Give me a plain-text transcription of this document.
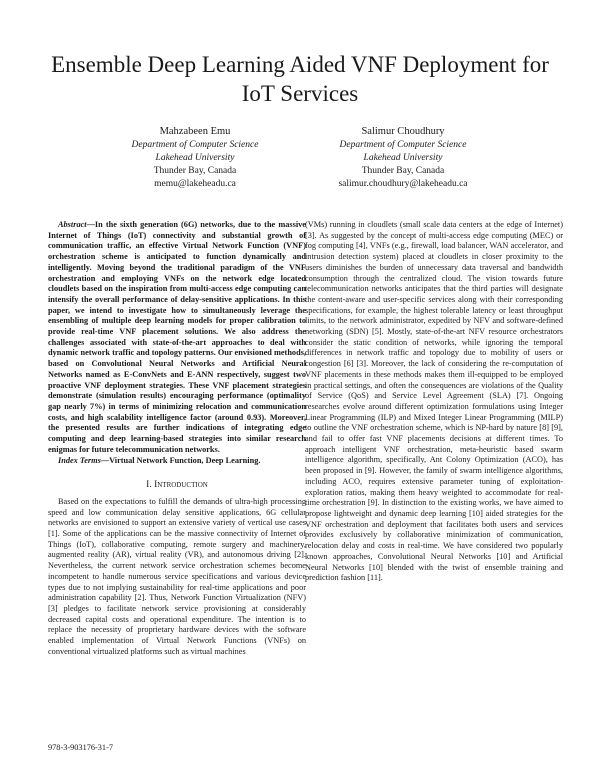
Ensemble Deep Learning Aided VNF Deployment for IoT Services
Mahzabeen Emu
Department of Computer Science
Lakehead University
Thunder Bay, Canada
memu@lakeheadu.ca
Salimur Choudhury
Department of Computer Science
Lakehead University
Thunder Bay, Canada
salimur.choudhury@lakeheadu.ca

Abstract—In the sixth generation (6G) networks, due to the massive Internet of Things (IoT) connectivity and substantial growth of communication traffic, an effective Virtual Network Function (VNF) orchestration scheme is anticipated to function dynamically and intelligently. Moving beyond the traditional paradigm of the VNF orchestration and employing VNFs on the network edge located cloudlets based on the inspiration from multi-access edge computing can intensify the overall performance of delay-sensitive applications. In this paper, we intend to investigate how to simultaneously leverage the ensembling of multiple deep learning models for proper calibration to provide real-time VNF placement solutions. We also address the challenges associated with state-of-the-art approaches to deal with dynamic network traffic and topology patterns. Our envisioned methods, based on Convolutional Neural Networks and Artificial Neural Networks named as E-ConvNets and E-ANN respectively, suggest two proactive VNF deployment strategies. These VNF placement strategies demonstrate (simulation results) encouraging performance (optimality gap nearly 7%) in terms of minimizing relocation and communication costs, and high scalability intelligence factor (around 0.93). Moreover, the presented results are further indications of integrating edge computing and deep learning-based strategies into similar research enigmas for future telecommunication networks.

Index Terms—Virtual Network Function, Deep Learning.

I. Introduction

Based on the expectations to fulfill the demands of ultra-high processing speed and low communication delay sensitive applications, 6G cellular networks are envisioned to support an extensive variety of vertical use cases [1]. Some of the applications can be the massive connectivity of Internet of Things (IoT), collaborative computing, remote surgery and machinery, augmented reality (AR), virtual reality (VR), and autonomous driving [2]. Nevertheless, the current network service orchestration schemes become incompetent to handle numerous service specifications and various device types due to not implying sustainability for real-time applications and poor administration capability [2]. Thus, Network Function Virtualization (NFV) [3] pledges to facilitate network service provisioning at considerably decreased capital costs and operational expenditure. The intention is to replace the necessity of proprietary hardware devices with the software enabled implementation of Virtual Network Functions (VNFs) on conventional virtualized platforms such as virtual machines

(VMs) running in cloudlets (small scale data centers at the edge of Internet) [3]. As suggested by the concept of multi-access edge computing (MEC) or fog computing [4], VNFs (e.g., firewall, load balancer, WAN accelerator, and intrusion detection system) placed at cloudlets in closer proximity to the users diminishes the burden of unnecessary data traversal and bandwidth consumption through the centralized cloud. The vision towards future telecommunication networks anticipates that the third parties will designate the content-aware and user-specific services along with their corresponding specifications, for example, the highest tolerable latency or least throughput limits, to the network administrator, expedited by NFV and software-defined networking (SDN) [5]. Mostly, state-of-the-art NFV resource orchestrators consider the static condition of networks, while ignoring the temporal differences in network traffic and topology due to mobility of users or congestion [6] [3]. Moreover, the lack of considering the re-computation of VNF placements in these methods makes them ill-equipped to be employed in practical settings, and often the consequences are violations of the Quality of Service (QoS) and Service Level Agreement (SLA) [7]. Ongoing researches evolve around different optimization formulations using Integer Linear Programming (ILP) and Mixed Integer Linear Programming (MILP) to outline the VNF orchestration scheme, which is NP-hard by nature [8] [9], and fail to offer fast VNF placements decisions at different times. To approach intelligent VNF orchestration, meta-heuristic based swarm intelligence algorithm, specifically, Ant Colony Optimization (ACO), has been proposed in [9]. However, the family of swarm intelligence algorithms, including ACO, requires extensive parameter tuning of exploitation-exploration ratios, making them heavy weighted to accommodate for real-time orchestration [9]. In distinction to the existing works, we have aimed to propose lightweight and dynamic deep learning [10] aided strategies for the VNF orchestration and deployment that facilitates both users and services provides exclusively by collaborative minimization of communication, relocation delay and costs in real-time. We have considered two popularly known approaches, Convolutional Neural Networks [10] and Artificial Neural Networks [10] blended with the twist of ensemble training and prediction fashion [11].

978-3-903176-31-7
